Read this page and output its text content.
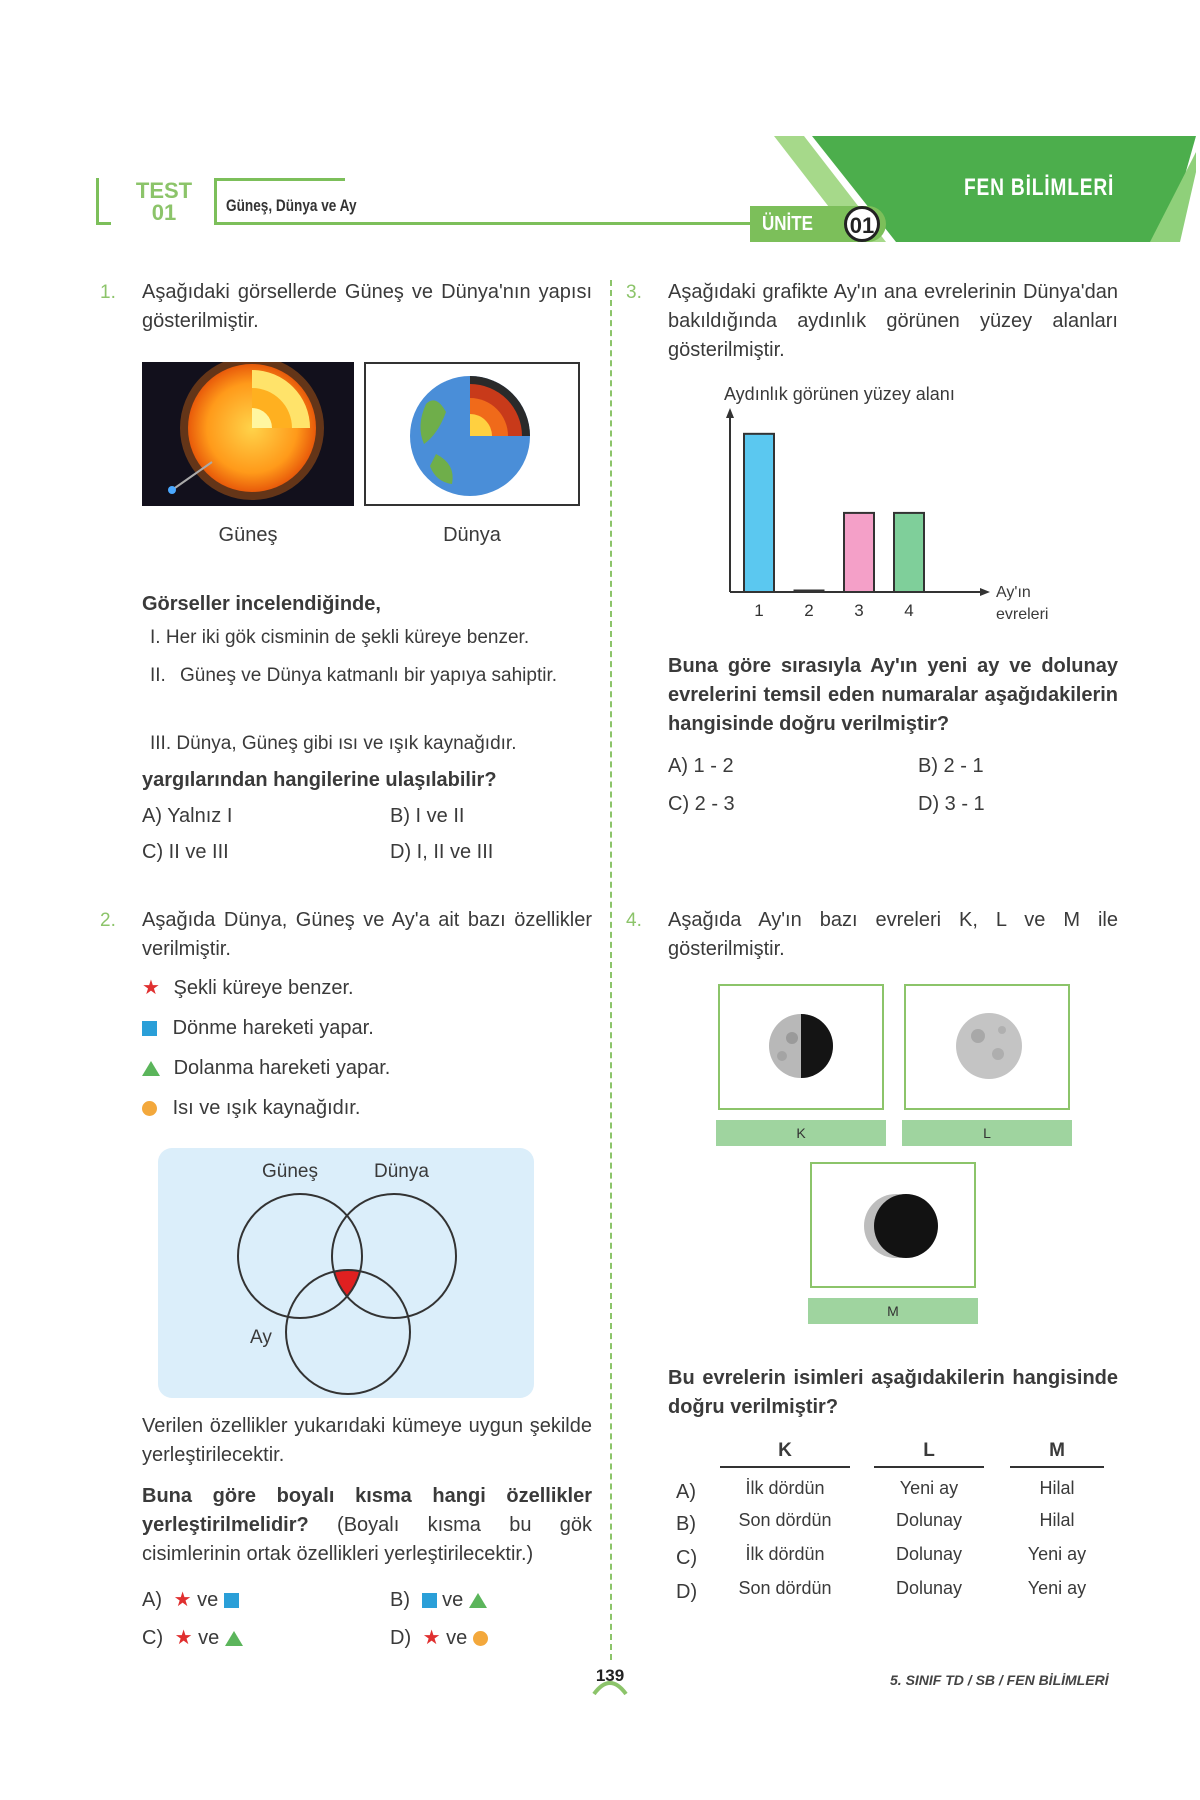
TEST
01	Güneş, Dünya ve Ay
FEN BİLİMLERİ
ÜNİTE 01
1. Aşağıdaki görsellerde Güneş ve Dünya'nın yapısı gösterilmiştir.
Güneş	Dünya
Görseller incelendiğinde,
I. Her iki gök cisminin de şekli küreye benzer.
II. Güneş ve Dünya katmanlı bir yapıya sahiptir.
III. Dünya, Güneş gibi ısı ve ışık kaynağıdır.
yargılarından hangilerine ulaşılabilir?
A) Yalnız I	B) I ve II
C) II ve III	D) I, II ve III
2. Aşağıda Dünya, Güneş ve Ay'a ait bazı özellikler verilmiştir.
★ Şekli küreye benzer.
Dönme hareketi yapar.
Dolanma hareketi yapar.
Isı ve ışık kaynağıdır.
Güneş	Dünya
Ay
Verilen özellikler yukarıdaki kümeye uygun şekilde yerleştirilecektir.
Buna göre boyalı kısma hangi özellikler yerleştirilmelidir? (Boyalı kısma bu gök cisimlerinin ortak özellikleri yerleştirilecektir.)
A) ★ ve	B) ve
C) ★ ve	D) ★ ve
3. Aşağıdaki grafikte Ay'ın ana evrelerinin Dünya'dan bakıldığında aydınlık görünen yüzey alanları gösterilmiştir.
Aydınlık görünen yüzey alanı
1 2 3 4
Ay'ın
evreleri
Buna göre sırasıyla Ay'ın yeni ay ve dolunay evrelerini temsil eden numaralar aşağıdakilerin hangisinde doğru verilmiştir?
A) 1 - 2	B) 2 - 1
C) 2 - 3	D) 3 - 1
4. Aşağıda Ay'ın bazı evreleri K, L ve M ile gösterilmiştir.
K	L
M
Bu evrelerin isimleri aşağıdakilerin hangisinde doğru verilmiştir?
K	L	M
A)	İlk dördün	Yeni ay	Hilal
B)	Son dördün	Dolunay	Hilal
C)	İlk dördün	Dolunay	Yeni ay
D)	Son dördün	Dolunay	Yeni ay
139	5. SINIF TD / SB / FEN BİLİMLERİ
